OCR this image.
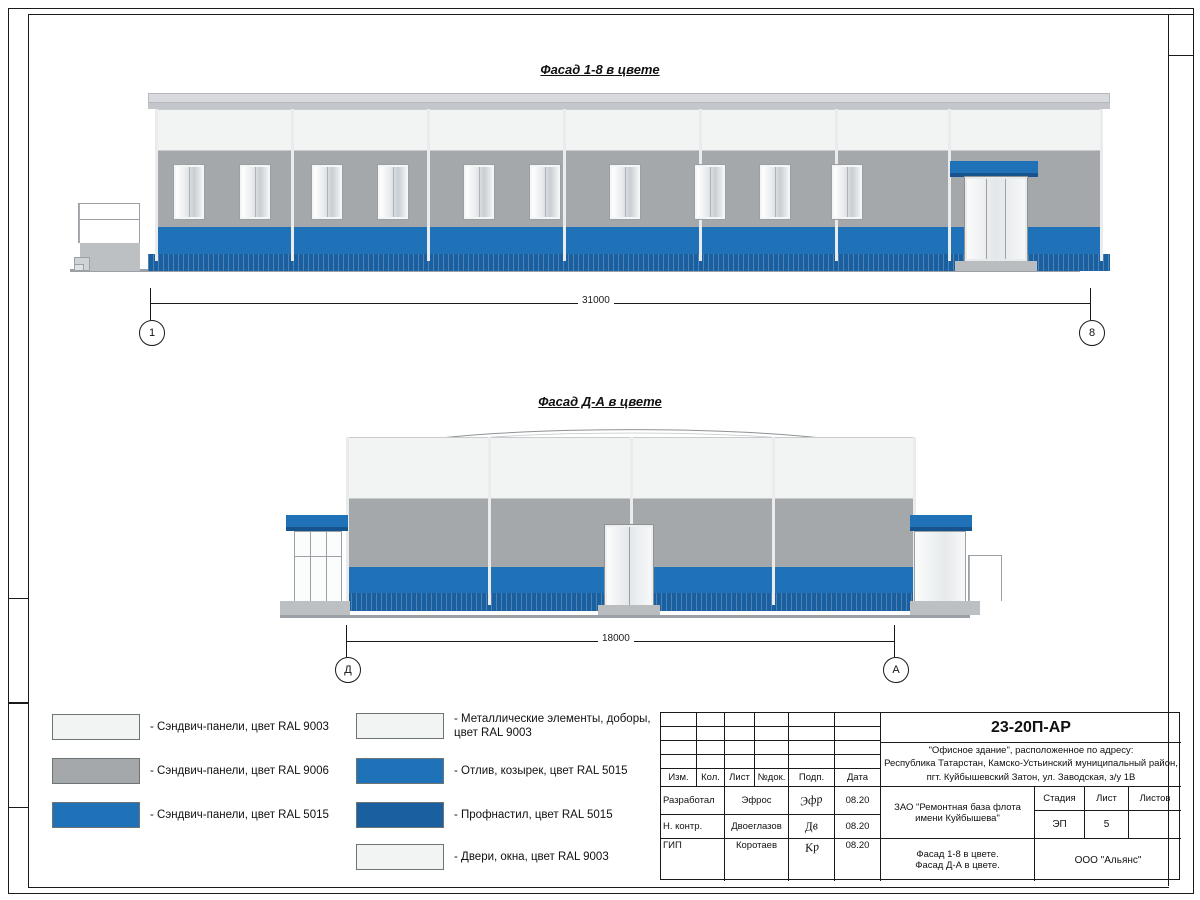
Фасад 1-8 в цвете
31000
1	8
Фасад Д-А в цвете
18000
Д	А
- Сэндвич-панели, цвет RAL 9003
- Сэндвич-панели, цвет RAL 9006
- Сэндвич-панели, цвет RAL 5015
- Металлические элементы, доборы, цвет RAL 9003
- Отлив, козырек, цвет RAL 5015
- Профнастил, цвет RAL 5015
- Двери, окна, цвет RAL 9003
23-20П-АР
"Офисное здание", расположенное по адресу:
Республика Татарстан, Камско-Устьинский муниципальный район,
пгт. Куйбышевский Затон, ул. Заводская, з/у 1В
Изм.	Кол. Лист №док.	Подп.	Дата
Разработал	Эфрос	Эфр	08.20
Н. контр.	Двоеглазов	Дв	08.20
ГИП	Коротаев	Кр	08.20
ЗАО "Ремонтная база флота
имени Куйбышева"
Стадия	Лист	Листов
ЭП	5
Фасад 1-8 в цвете.
Фасад Д-А в цвете.	ООО "Альянс"
